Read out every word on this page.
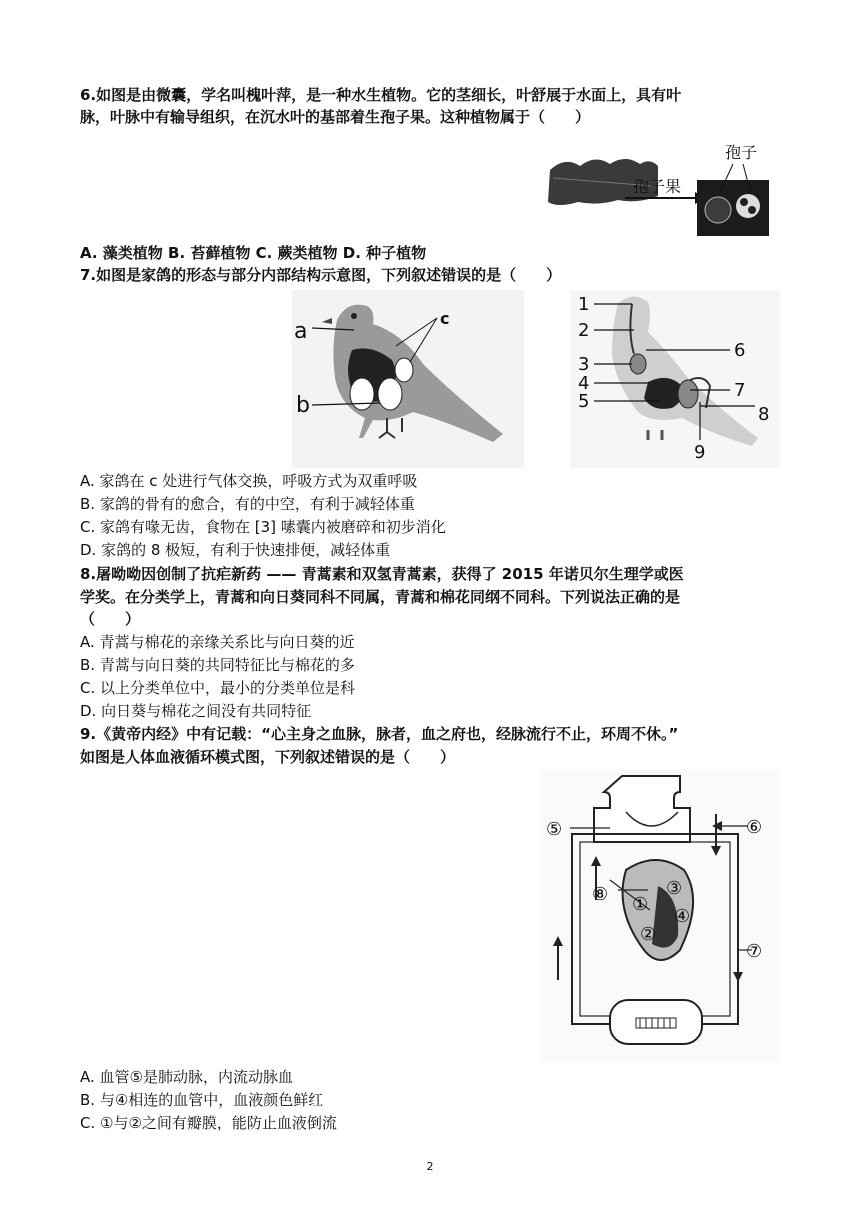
6.如图是由微囊，学名叫槐叶萍，是一种水生植物。它的茎细长，叶舒展于水面上，具有叶
脉，叶脉中有输导组织，在沉水叶的基部着生孢子果。这种植物属于（　　）
孢子果
孢子
A. 藻类植物 B. 苔藓植物 C. 蕨类植物 D. 种子植物
7.如图是家鸽的形态与部分内部结构示意图，下列叙述错误的是（　　）
a
b
c
1
2
3
4
5
6
7
8
9
A. 家鸽在 c 处进行气体交换，呼吸方式为双重呼吸
B. 家鸽的骨有的愈合，有的中空，有利于减轻体重
C. 家鸽有喙无齿，食物在 [3] 嗉囊内被磨碎和初步消化
D. 家鸽的 8 极短，有利于快速排便，减轻体重
8.屠呦呦因创制了抗疟新药 —— 青蒿素和双氢青蒿素，获得了 2015 年诺贝尔生理学或医
学奖。在分类学上，青蒿和向日葵同科不同属，青蒿和棉花同纲不同科。下列说法正确的是
（　　）
A. 青蒿与棉花的亲缘关系比与向日葵的近
B. 青蒿与向日葵的共同特征比与棉花的多
C. 以上分类单位中，最小的分类单位是科
D. 向日葵与棉花之间没有共同特征
9.《黄帝内经》中有记载：“心主身之血脉，脉者，血之府也，经脉流行不止，环周不休。”
如图是人体血液循环模式图，下列叙述错误的是（　　）
⑤	⑥
⑦
⑧ ①
②
③
④
A. 血管⑤是肺动脉，内流动脉血
B. 与④相连的血管中，血液颜色鲜红
C. ①与②之间有瓣膜，能防止血液倒流
2
